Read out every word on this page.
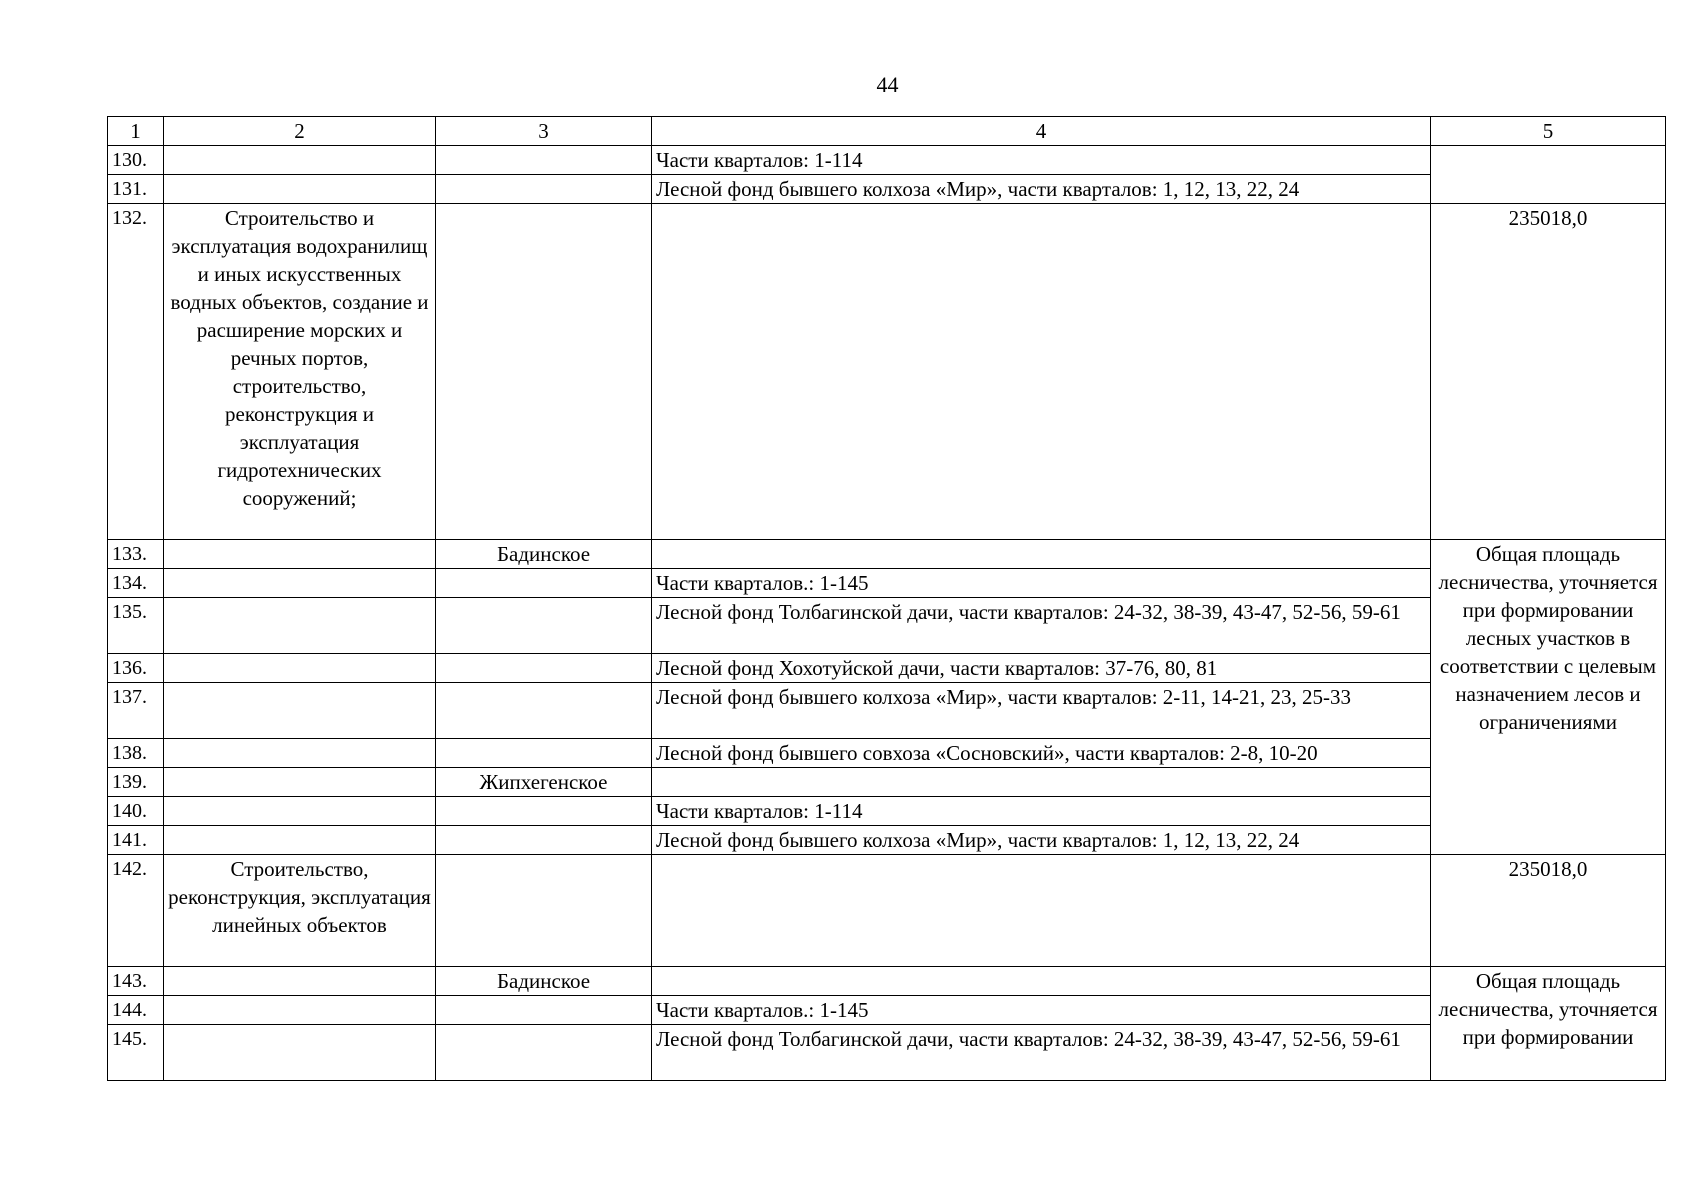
44
1	2	3	4	5
130.			Части кварталов: 1-114	
131.			Лесной фонд бывшего колхоза «Мир», части кварталов: 1, 12, 13, 22, 24	
132.	Строительство и эксплуатация водохранилищ и иных искусственных водных объектов, создание и расширение морских и речных портов, строительство, реконструкция и эксплуатация гидротехнических сооружений;			235018,0
133.		Бадинское		Общая площадь лесничества, уточняется при формировании лесных участков в соответствии с целевым назначением лесов и ограничениями
134.			Части кварталов.: 1-145	
135.			Лесной фонд Толбагинской дачи, части кварталов: 24-32, 38-39, 43-47, 52-56, 59-61	
136.			Лесной фонд Хохотуйской дачи, части кварталов: 37-76, 80, 81	
137.			Лесной фонд бывшего колхоза «Мир», части кварталов: 2-11, 14-21, 23, 25-33	
138.			Лесной фонд бывшего совхоза «Сосновский», части кварталов: 2-8, 10-20	
139.		Жипхегенское		
140.			Части кварталов: 1-114	
141.			Лесной фонд бывшего колхоза «Мир», части кварталов: 1, 12, 13, 22, 24	
142.	Строительство, реконструкция, эксплуатация линейных объектов			235018,0
143.		Бадинское		Общая площадь лесничества, уточняется при формировании
144.			Части кварталов.: 1-145	
145.			Лесной фонд Толбагинской дачи, части кварталов: 24-32, 38-39, 43-47, 52-56, 59-61	
